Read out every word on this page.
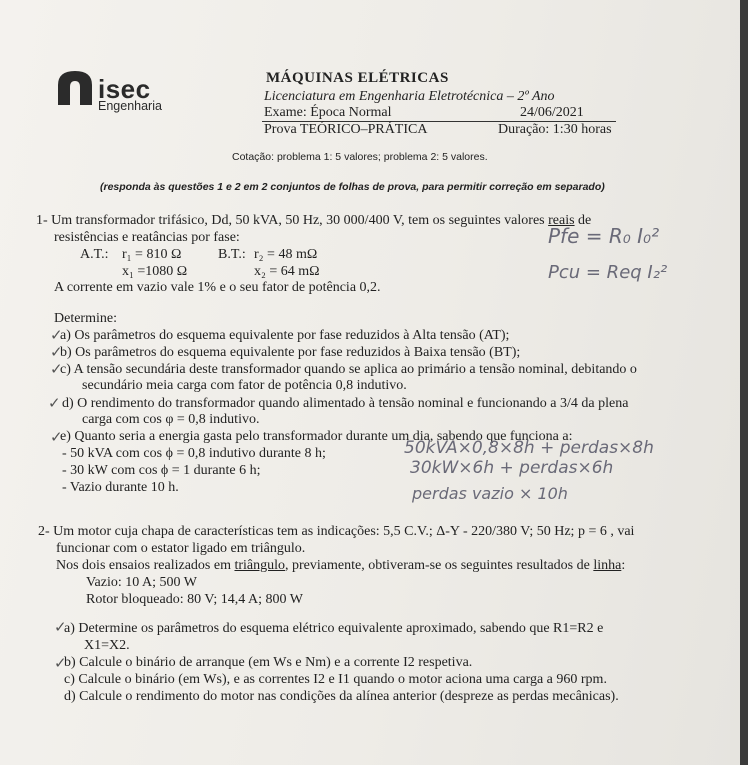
isec
Engenharia
MÁQUINAS ELÉTRICAS
Licenciatura em Engenharia Eletrotécnica – 2º Ano
Exame: Época Normal	24/06/2021
Prova TEÓRICO–PRÁTICA	Duração: 1:30 horas
Cotação: problema 1: 5 valores; problema 2: 5 valores.
(responda às questões 1 e 2 em 2 conjuntos de folhas de prova, para permitir correção em separado)
1- Um transformador trifásico, Dd, 50 kVA, 50 Hz, 30 000/400 V, tem os seguintes valores reais de
resistências e reatâncias por fase:
A.T.: r₁ = 810 Ω
x₁ =1080 Ω
B.T.: r₂ = 48 mΩ
x₂ = 64 mΩ
A corrente em vazio vale 1% e o seu fator de potência 0,2.
Determine:
✓
a) Os parâmetros do esquema equivalente por fase reduzidos à Alta tensão (AT);
✓
b) Os parâmetros do esquema equivalente por fase reduzidos à Baixa tensão (BT);
✓
c) A tensão secundária deste transformador quando se aplica ao primário a tensão nominal, debitando o
secundário meia carga com fator de potência 0,8 indutivo.
✓ d) O rendimento do transformador quando alimentado à tensão nominal e funcionando a 3/4 da plena
carga com cos φ = 0,8 indutivo.
✓
e) Quanto seria a energia gasta pelo transformador durante um dia, sabendo que funciona a:
- 50 kVA com cos ϕ = 0,8 indutivo durante 8 h;
- 30 kW com cos ϕ = 1 durante 6 h;
- Vazio durante 10 h.
Pfe = R₀ I₀²
Pcu = Req I₂²
50kVA×0,8×8h + perdas×8h
30kW×6h + perdas×6h
perdas vazio × 10h
2- Um motor cuja chapa de características tem as indicações: 5,5 C.V.; Δ-Y - 220/380 V; 50 Hz; p = 6 , vai
funcionar com o estator ligado em triângulo.
Nos dois ensaios realizados em triângulo, previamente, obtiveram-se os seguintes resultados de linha:
Vazio: 10 A; 500 W
Rotor bloqueado: 80 V; 14,4 A; 800 W
✓
a) Determine os parâmetros do esquema elétrico equivalente aproximado, sabendo que R1=R2 e
X1=X2.
✓
b) Calcule o binário de arranque (em Ws e Nm) e a corrente I2 respetiva.
c) Calcule o binário (em Ws), e as correntes I2 e I1 quando o motor aciona uma carga a 960 rpm.
d) Calcule o rendimento do motor nas condições da alínea anterior (despreze as perdas mecânicas).
